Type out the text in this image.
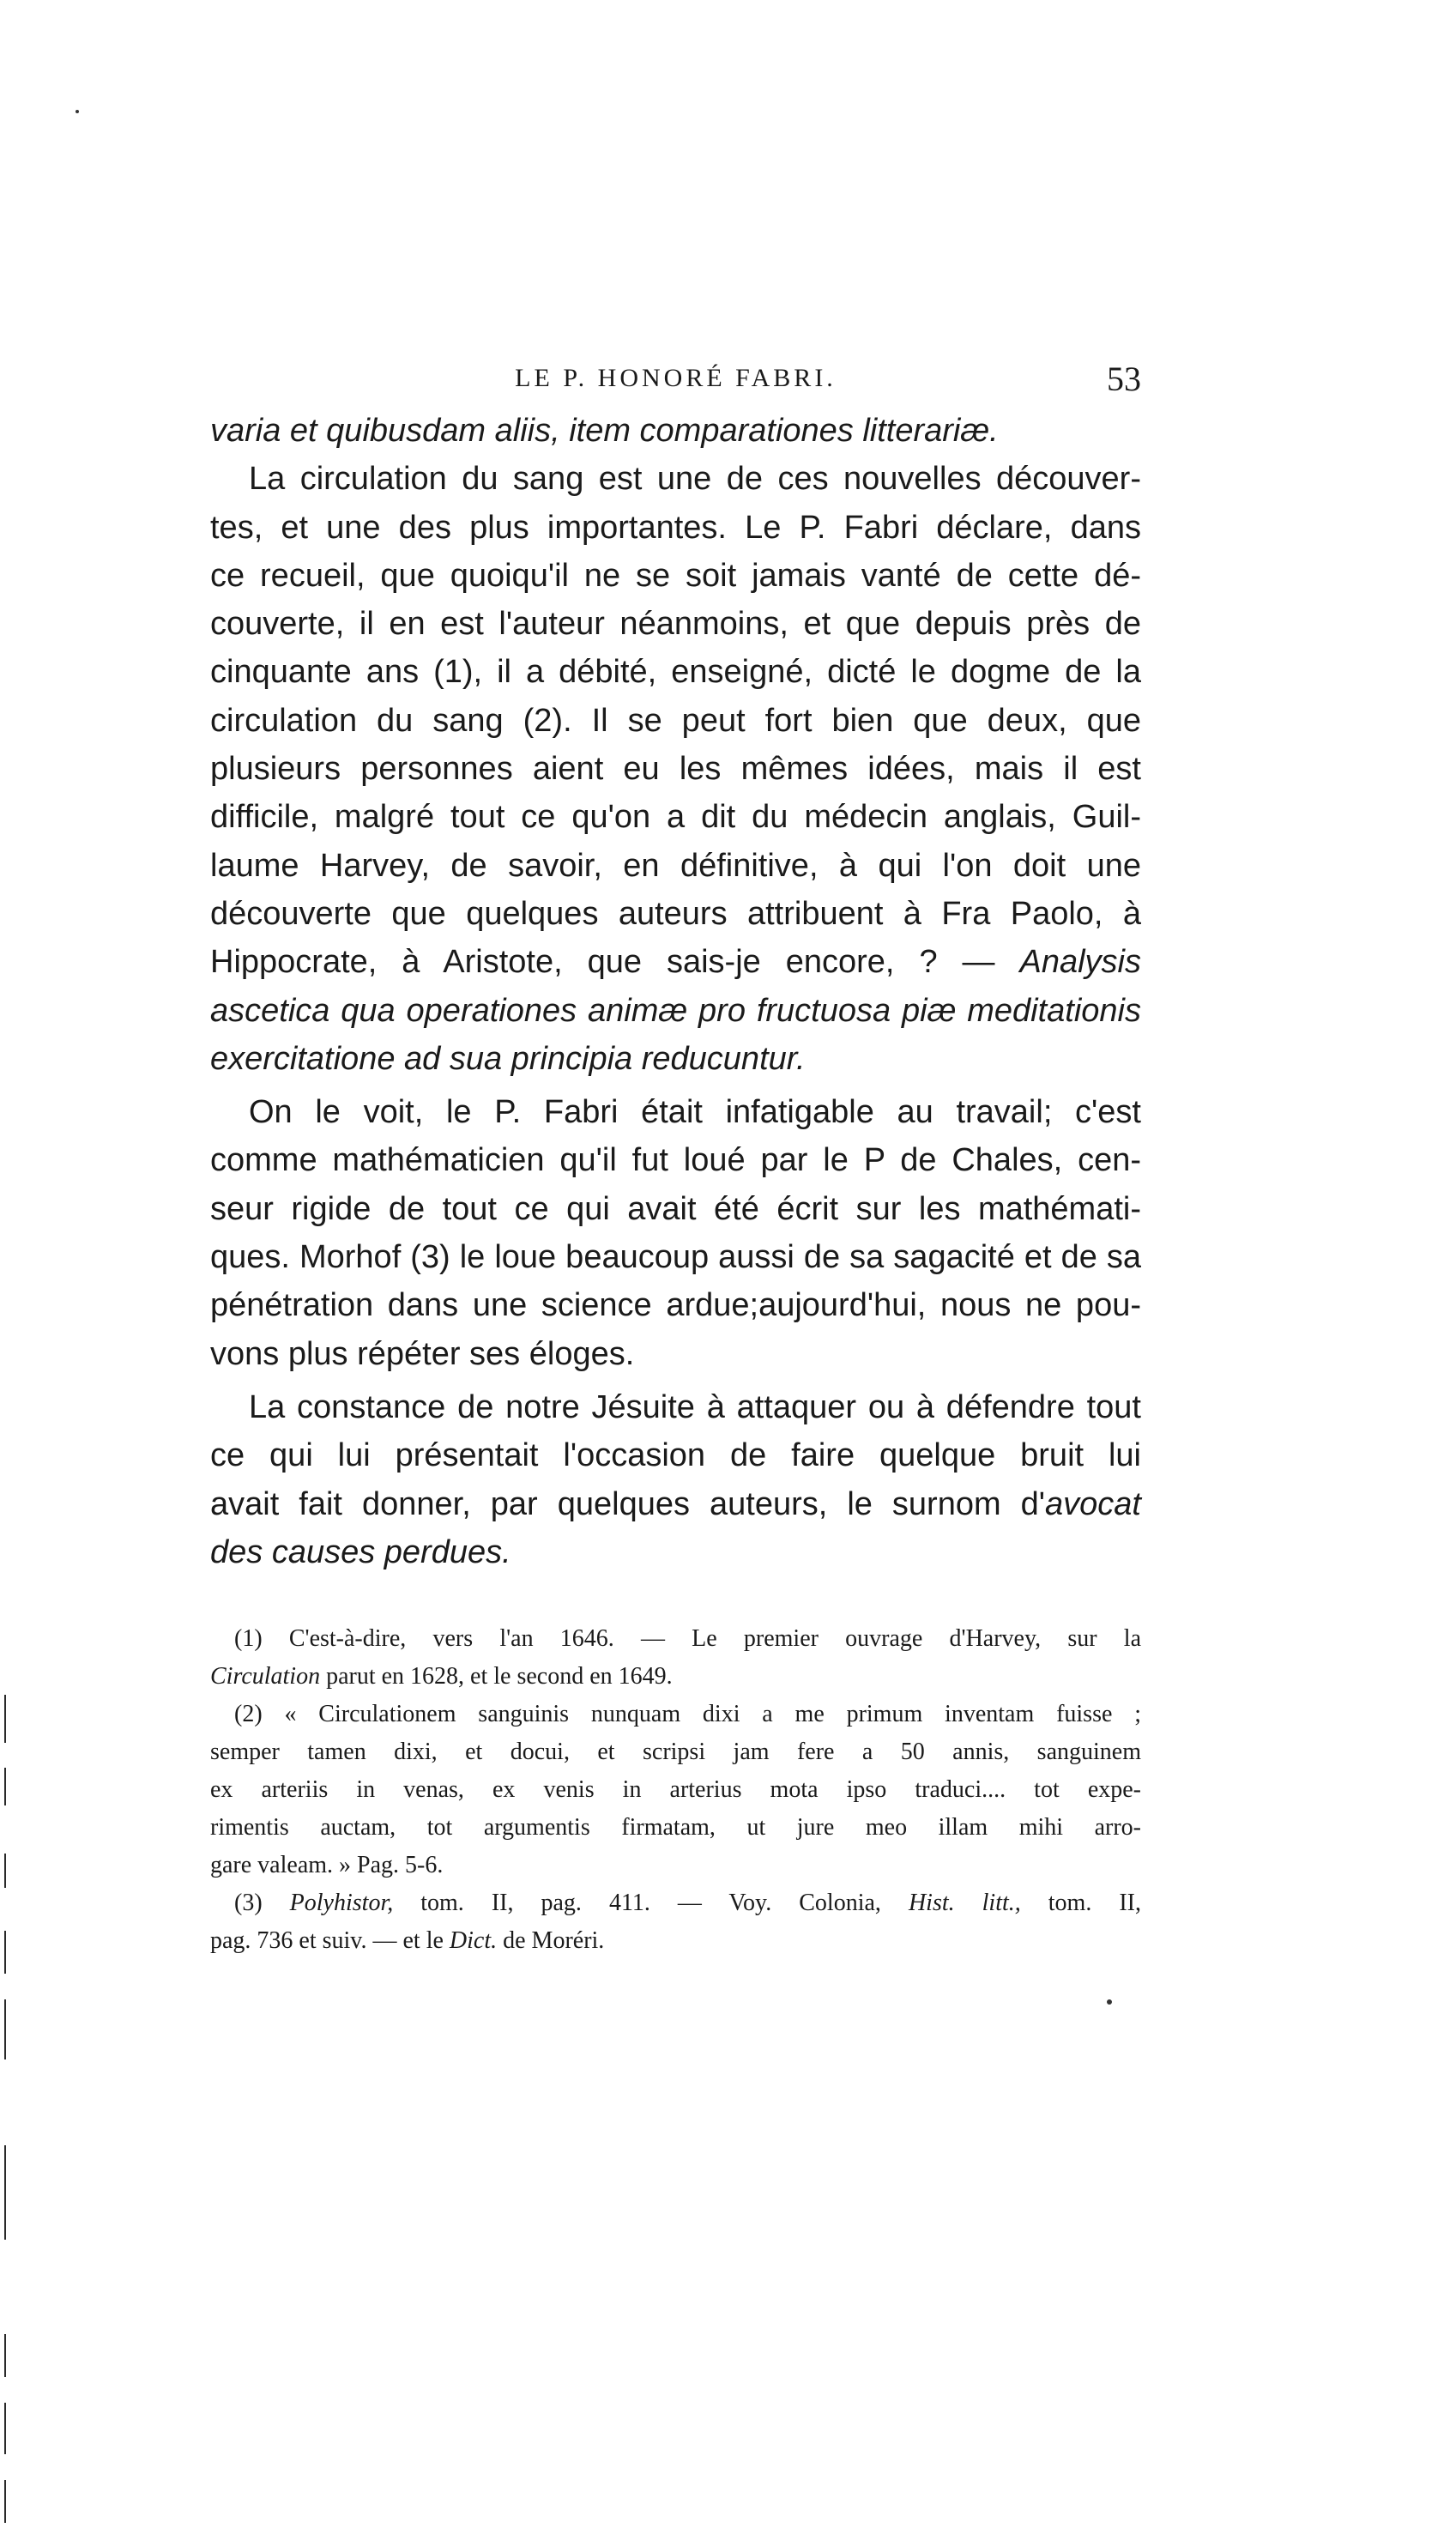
LE P. HONORÉ FABRI.	53
varia et quibusdam aliis, item comparationes litterariæ.
La circulation du sang est une de ces nouvelles découver-
tes, et une des plus importantes. Le P. Fabri déclare, dans
ce recueil, que quoiqu'il ne se soit jamais vanté de cette dé-
couverte, il en est l'auteur néanmoins, et que depuis près de
cinquante ans (1), il a débité, enseigné, dicté le dogme de la
circulation du sang (2). Il se peut fort bien que deux, que
plusieurs personnes aient eu les mêmes idées, mais il est
difficile, malgré tout ce qu'on a dit du médecin anglais, Guil-
laume Harvey, de savoir, en définitive, à qui l'on doit une
découverte que quelques auteurs attribuent à Fra Paolo, à
Hippocrate, à Aristote, que sais-je encore, ? — Analysis
ascetica qua operationes animæ pro fructuosa piæ meditationis
exercitatione ad sua principia reducuntur.
On le voit, le P. Fabri était infatigable au travail; c'est
comme mathématicien qu'il fut loué par le P de Chales, cen-
seur rigide de tout ce qui avait été écrit sur les mathémati-
ques. Morhof (3) le loue beaucoup aussi de sa sagacité et de sa
pénétration dans une science ardue;aujourd'hui, nous ne pou-
vons plus répéter ses éloges.
La constance de notre Jésuite à attaquer ou à défendre tout
ce qui lui présentait l'occasion de faire quelque bruit lui
avait fait donner, par quelques auteurs, le surnom d'avocat
des causes perdues.
(1) C'est-à-dire, vers l'an 1646. — Le premier ouvrage d'Harvey, sur la
Circulation parut en 1628, et le second en 1649.
(2) « Circulationem sanguinis nunquam dixi a me primum inventam fuisse ;
semper tamen dixi, et docui, et scripsi jam fere a 50 annis, sanguinem
ex arteriis in venas, ex venis in arterius mota ipso traduci.... tot expe-
rimentis auctam, tot argumentis firmatam, ut jure meo illam mihi arro-
gare valeam. » Pag. 5-6.
(3) Polyhistor, tom. II, pag. 411. — Voy. Colonia, Hist. litt., tom. II,
pag. 736 et suiv. — et le Dict. de Moréri.
